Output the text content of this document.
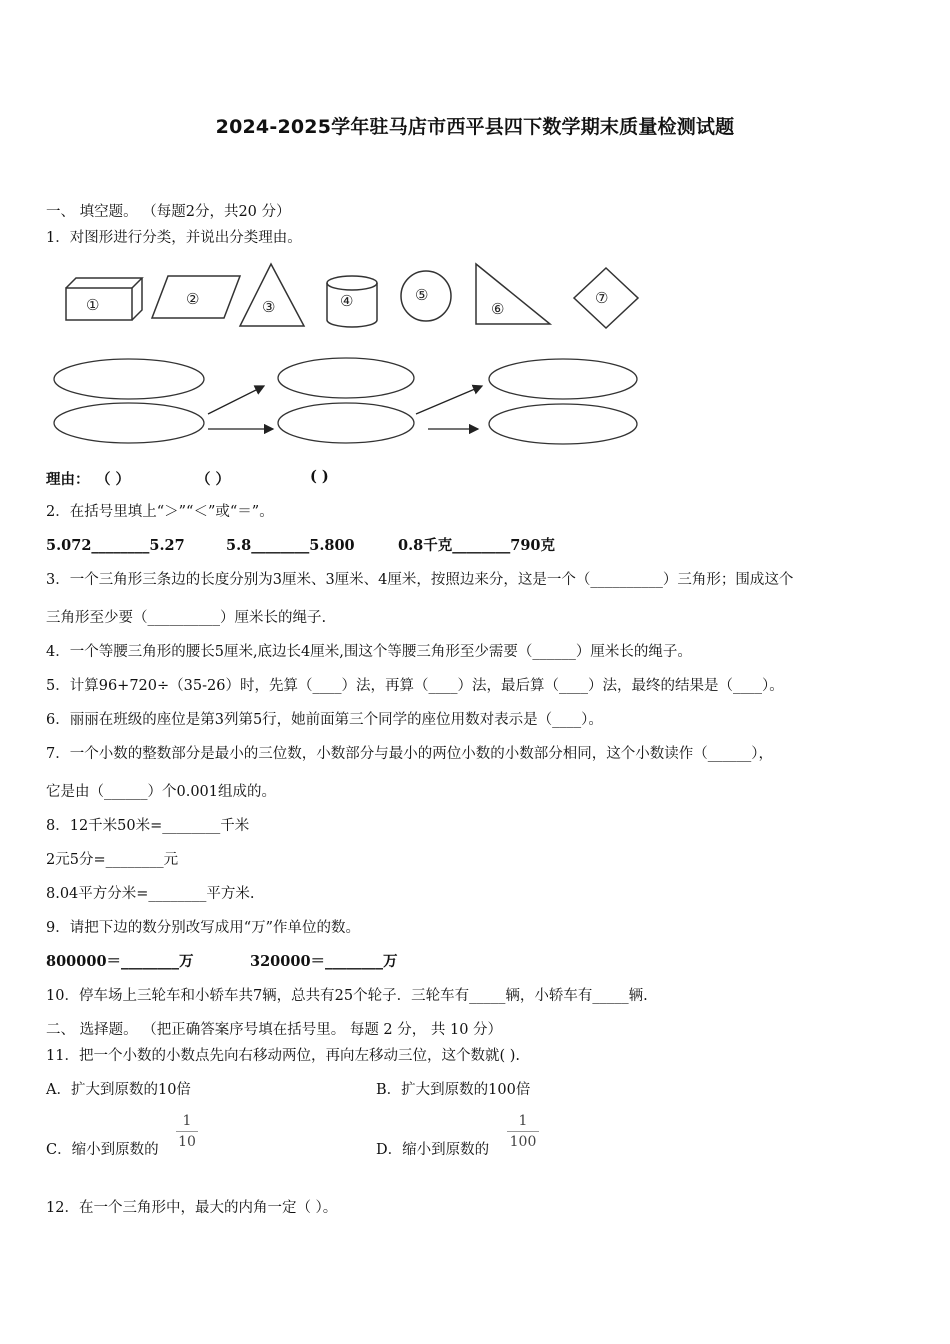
2024-2025学年驻马店市西平县四下数学期末质量检测试题
一、 填空题。 （每题2分，共20 分）
1．对图形进行分类，并说出分类理由。
①	②	③	④	⑤
⑥
⑦
理由： （ ）	（ ）	( )
2．在括号里填上“＞”“＜”或“＝”。
5.072________5.27	5.8________5.800	0.8千克________790克
3．一个三角形三条边的长度分别为3厘米、3厘米、4厘米，按照边来分，这是一个（__________）三角形；围成这个
三角形至少要（__________）厘米长的绳子.
4．一个等腰三角形的腰长5厘米,底边长4厘米,围这个等腰三角形至少需要（______）厘米长的绳子。
5．计算96+720÷（35-26）时，先算（____）法，再算（____）法，最后算（____）法，最终的结果是（____）。
6．丽丽在班级的座位是第3列第5行，她前面第三个同学的座位用数对表示是（____）。
7．一个小数的整数部分是最小的三位数，小数部分与最小的两位小数的小数部分相同，这个小数读作（______），
它是由（______）个0.001组成的。
8．12千米50米=________千米
2元5分=________元
8.04平方分米=________平方米.
9．请把下边的数分别改写成用“万”作单位的数。
800000＝________万	320000＝________万
10．停车场上三轮车和小轿车共7辆，总共有25个轮子．三轮车有_____辆，小轿车有_____辆.
二、 选择题。 （把正确答案序号填在括号里。 每题 2 分， 共 10 分）
11．把一个小数的小数点先向右移动两位，再向左移动三位，这个数就( ).
A．扩大到原数的10倍	B．扩大到原数的100倍
C．缩小到原数的
1
10	D．缩小到原数的
1
100
12．在一个三角形中，最大的内角一定（ ）。
